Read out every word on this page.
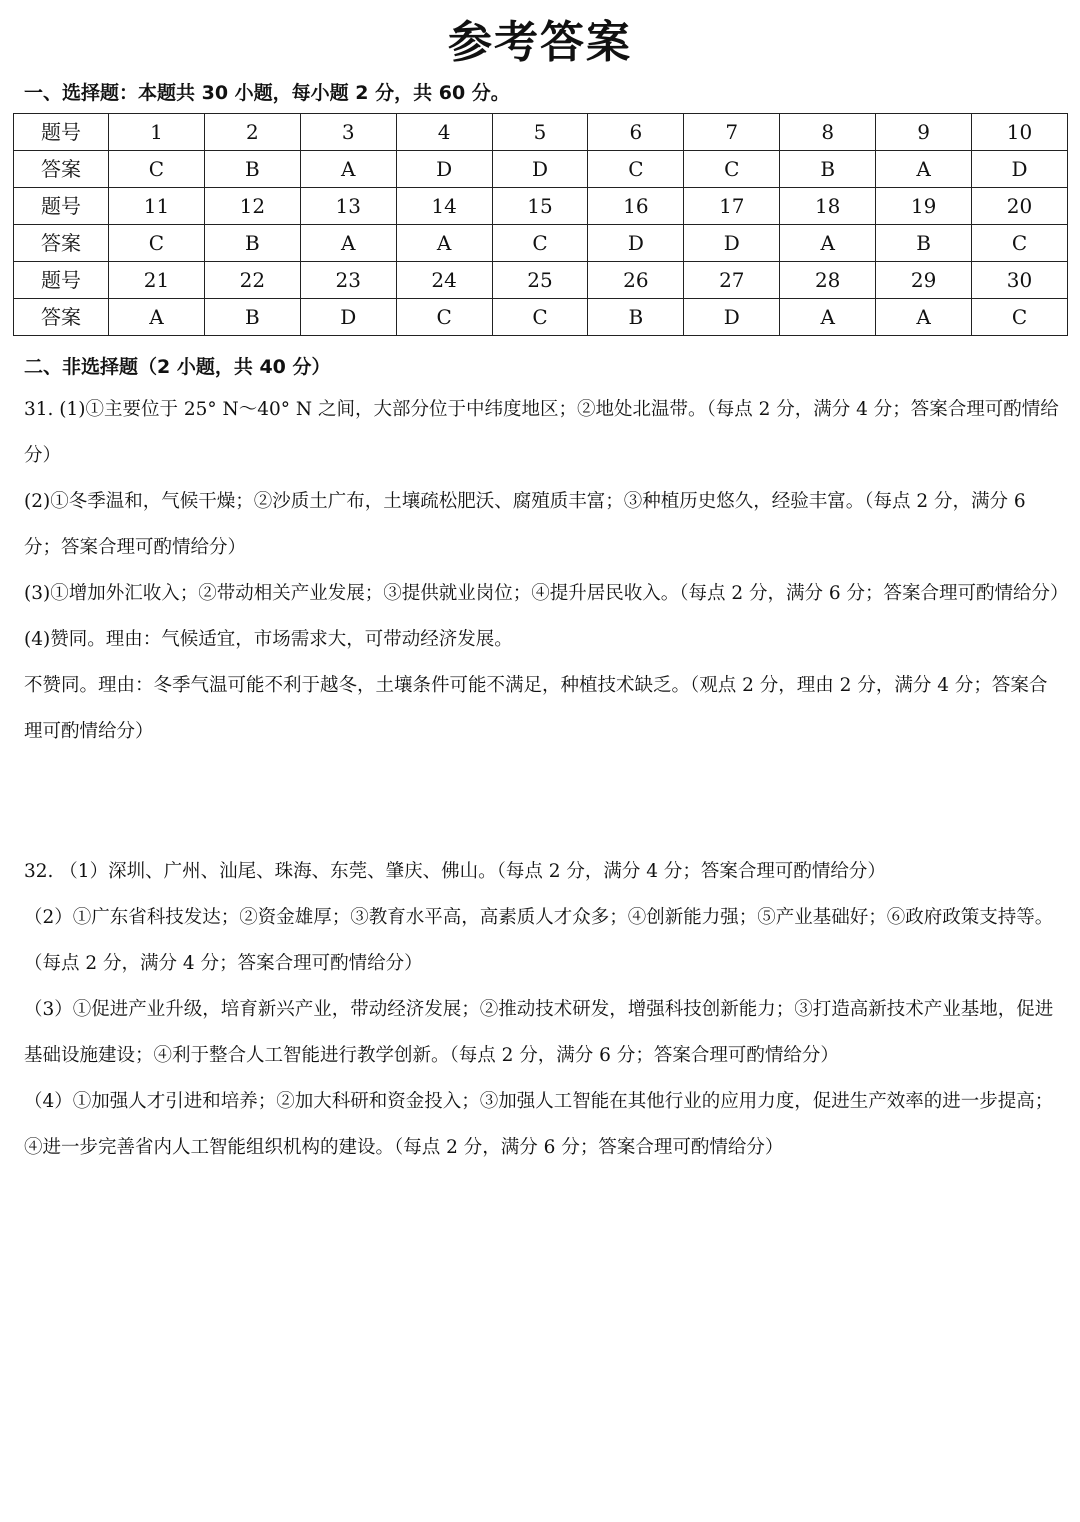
参考答案
一、选择题：本题共 30 小题，每小题 2 分，共 60 分。
题号	1	2	3	4	5	6	7	8	9	10
答案	C	B	A	D	D	C	C	B	A	D
题号	11	12	13	14	15	16	17	18	19	20
答案	C	B	A	A	C	D	D	A	B	C
题号	21	22	23	24	25	26	27	28	29	30
答案	A	B	D	C	C	B	D	A	A	C
二、非选择题（2 小题，共 40 分）

31. (1)①主要位于 25° N～40° N 之间，大部分位于中纬度地区；②地处北温带。（每点 2 分，满分 4 分；答案合理可酌情给分）

(2)①冬季温和，气候干燥；②沙质土广布，土壤疏松肥沃、腐殖质丰富；③种植历史悠久，经验丰富。（每点 2 分，满分 6 分；答案合理可酌情给分）

(3)①增加外汇收入；②带动相关产业发展；③提供就业岗位；④提升居民收入。（每点 2 分，满分 6 分；答案合理可酌情给分）

(4)赞同。理由：气候适宜，市场需求大，可带动经济发展。

不赞同。理由：冬季气温可能不利于越冬，土壤条件可能不满足，种植技术缺乏。（观点 2 分，理由 2 分，满分 4 分；答案合理可酌情给分）

32. （1）深圳、广州、汕尾、珠海、东莞、肇庆、佛山。（每点 2 分，满分 4 分；答案合理可酌情给分）

（2）①广东省科技发达；②资金雄厚；③教育水平高，高素质人才众多；④创新能力强；⑤产业基础好；⑥政府政策支持等。（每点 2 分，满分 4 分；答案合理可酌情给分）

（3）①促进产业升级，培育新兴产业，带动经济发展；②推动技术研发，增强科技创新能力；③打造高新技术产业基地，促进基础设施建设；④利于整合人工智能进行教学创新。（每点 2 分，满分 6 分；答案合理可酌情给分）

（4）①加强人才引进和培养；②加大科研和资金投入；③加强人工智能在其他行业的应用力度，促进生产效率的进一步提高；④进一步完善省内人工智能组织机构的建设。（每点 2 分，满分 6 分；答案合理可酌情给分）
